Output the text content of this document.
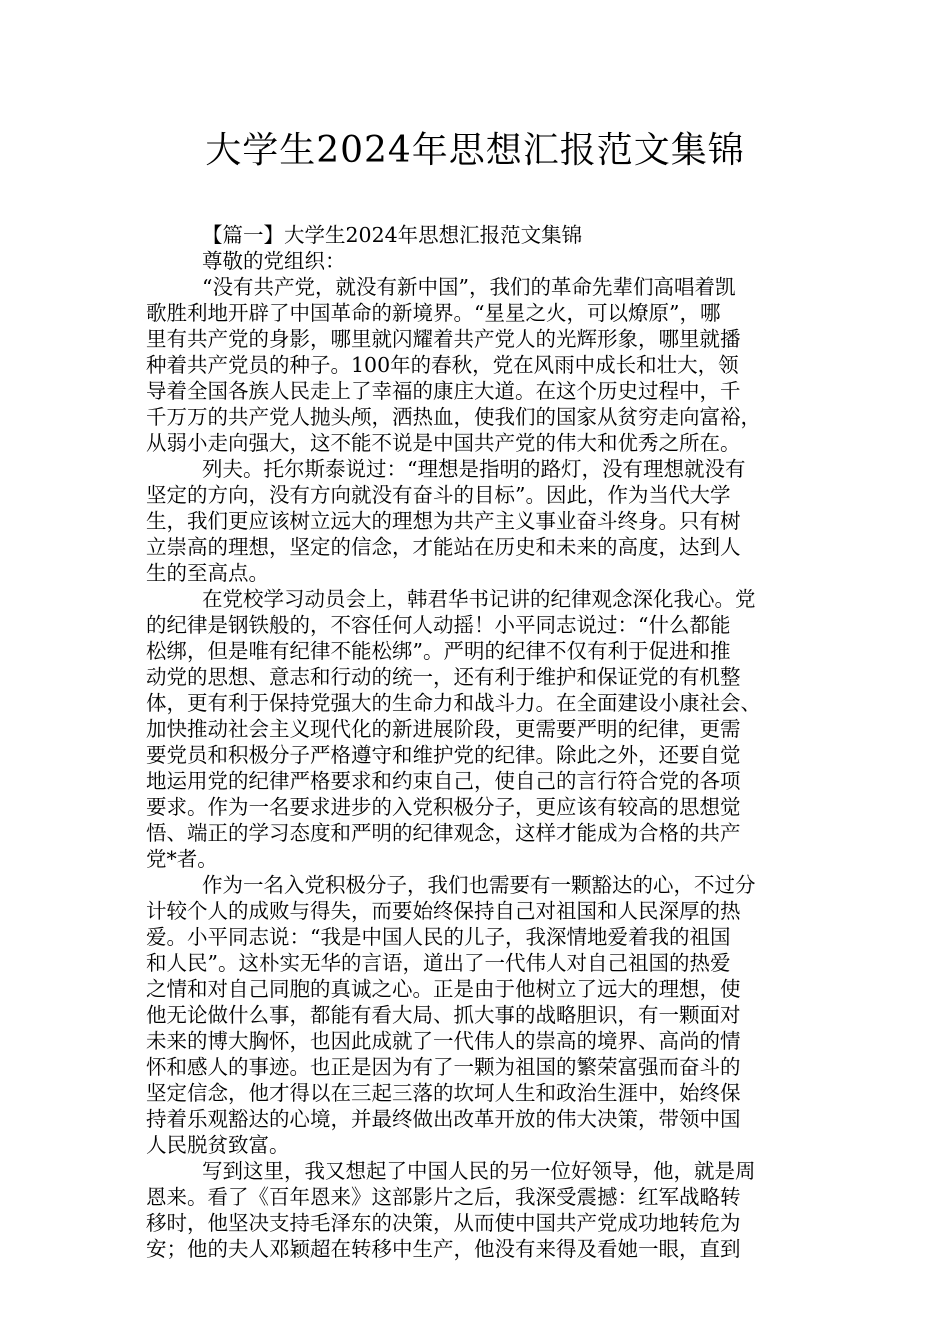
大学生2024年思想汇报范文集锦
【篇一】大学生2024年思想汇报范文集锦
尊敬的党组织：
“没有共产党，就没有新中国”，我们的革命先辈们高唱着凯
歌胜利地开辟了中国革命的新境界。“星星之火，可以燎原”，哪
里有共产党的身影，哪里就闪耀着共产党人的光辉形象，哪里就播
种着共产党员的种子。100年的春秋，党在风雨中成长和壮大，领
导着全国各族人民走上了幸福的康庄大道。在这个历史过程中，千
千万万的共产党人抛头颅，洒热血，使我们的国家从贫穷走向富裕，
从弱小走向强大，这不能不说是中国共产党的伟大和优秀之所在。
列夫。托尔斯泰说过：“理想是指明的路灯，没有理想就没有
坚定的方向，没有方向就没有奋斗的目标”。因此，作为当代大学
生，我们更应该树立远大的理想为共产主义事业奋斗终身。只有树
立崇高的理想，坚定的信念，才能站在历史和未来的高度，达到人
生的至高点。
在党校学习动员会上，韩君华书记讲的纪律观念深化我心。党
的纪律是钢铁般的，不容任何人动摇！小平同志说过：“什么都能
松绑，但是唯有纪律不能松绑”。严明的纪律不仅有利于促进和推
动党的思想、意志和行动的统一，还有利于维护和保证党的有机整
体，更有利于保持党强大的生命力和战斗力。在全面建设小康社会、
加快推动社会主义现代化的新进展阶段，更需要严明的纪律，更需
要党员和积极分子严格遵守和维护党的纪律。除此之外，还要自觉
地运用党的纪律严格要求和约束自己，使自己的言行符合党的各项
要求。作为一名要求进步的入党积极分子，更应该有较高的思想觉
悟、端正的学习态度和严明的纪律观念，这样才能成为合格的共产
党*者。
作为一名入党积极分子，我们也需要有一颗豁达的心，不过分
计较个人的成败与得失，而要始终保持自己对祖国和人民深厚的热
爱。小平同志说：“我是中国人民的儿子，我深情地爱着我的祖国
和人民”。这朴实无华的言语，道出了一代伟人对自己祖国的热爱
之情和对自己同胞的真诚之心。正是由于他树立了远大的理想，使
他无论做什么事，都能有看大局、抓大事的战略胆识，有一颗面对
未来的博大胸怀，也因此成就了一代伟人的崇高的境界、高尚的情
怀和感人的事迹。也正是因为有了一颗为祖国的繁荣富强而奋斗的
坚定信念，他才得以在三起三落的坎坷人生和政治生涯中，始终保
持着乐观豁达的心境，并最终做出改革开放的伟大决策，带领中国
人民脱贫致富。
写到这里，我又想起了中国人民的另一位好领导，他，就是周
恩来。看了《百年恩来》这部影片之后，我深受震撼：红军战略转
移时，他坚决支持毛泽东的决策，从而使中国共产党成功地转危为
安；他的夫人邓颖超在转移中生产，他没有来得及看她一眼，直到
